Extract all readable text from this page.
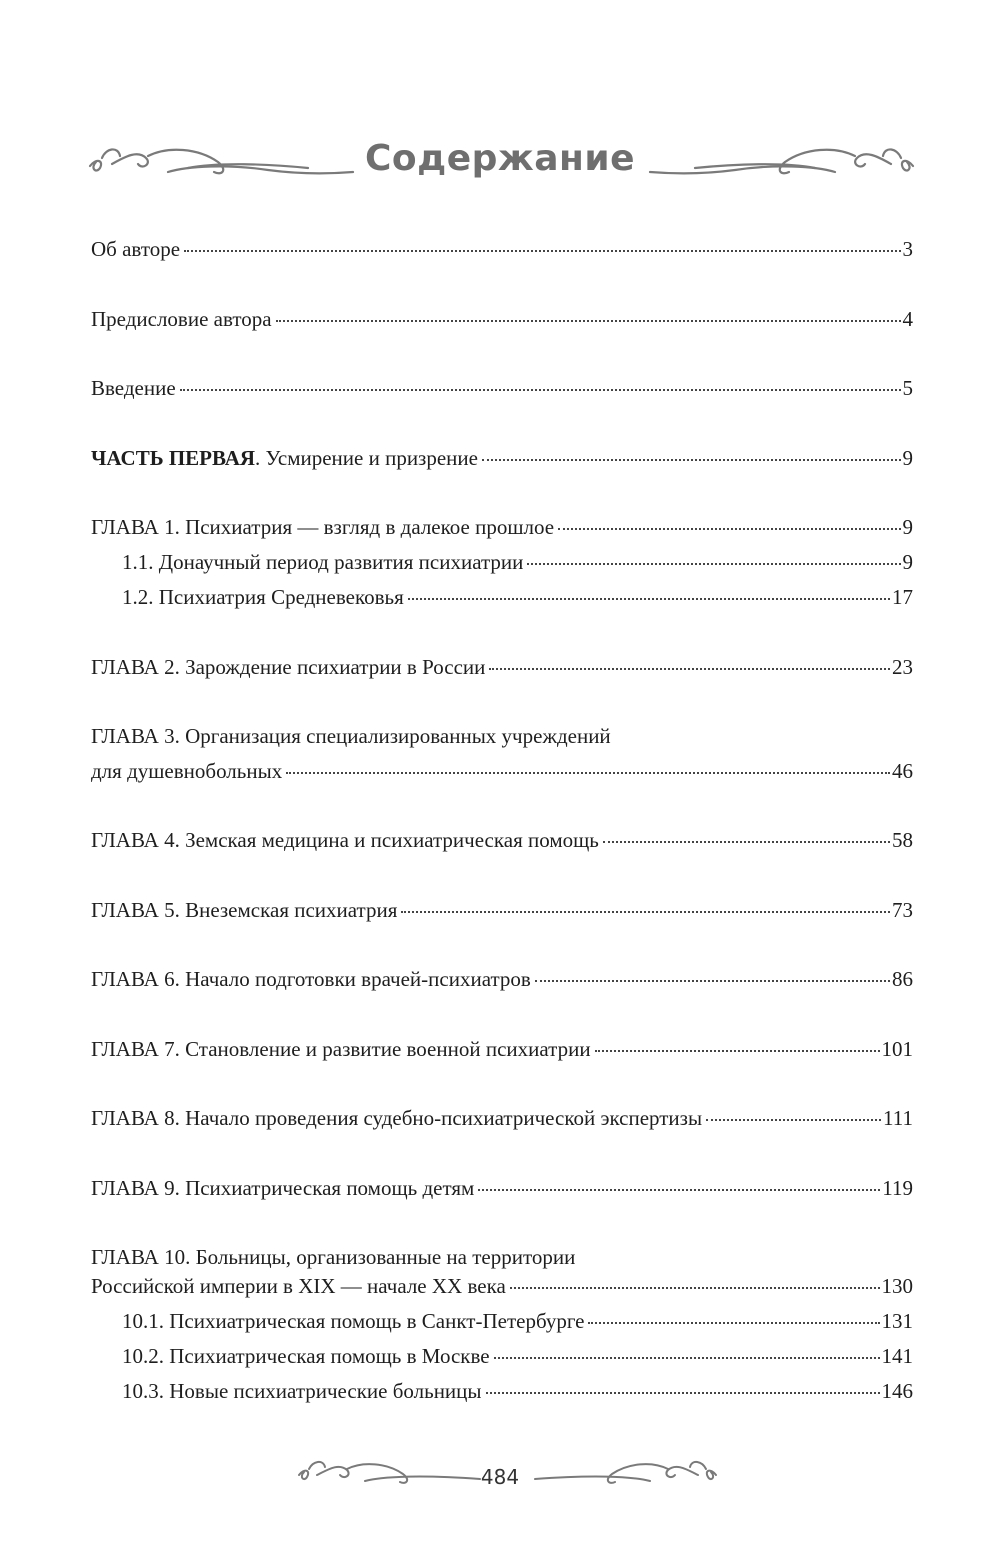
Содержание
Об авторе	3
Предисловие автора	4
Введение	5
ЧАСТЬ ПЕРВАЯ . Усмирение и призрение	9
ГЛАВА 1. Психиатрия — взгляд в далекое прошлое	9
1.1. Донаучный период развития психиатрии	9
1.2. Психиатрия Средневековья	17
ГЛАВА 2. Зарождение психиатрии в России	23
ГЛАВА 3. Организация специализированных учреждений
для душевнобольных	46
ГЛАВА 4. Земская медицина и психиатрическая помощь	58
ГЛАВА 5. Внеземская психиатрия	73
ГЛАВА 6. Начало подготовки врачей-психиатров	86
ГЛАВА 7. Становление и развитие военной психиатрии	101
ГЛАВА 8. Начало проведения судебно-психиатрической экспертизы	111
ГЛАВА 9. Психиатрическая помощь детям	119
ГЛАВА 10. Больницы, организованные на территории
Российской империи в XIX — начале XX века	130
10.1. Психиатрическая помощь в Санкт-Петербурге	131
10.2. Психиатрическая помощь в Москве	141
10.3. Новые психиатрические больницы	146
484
